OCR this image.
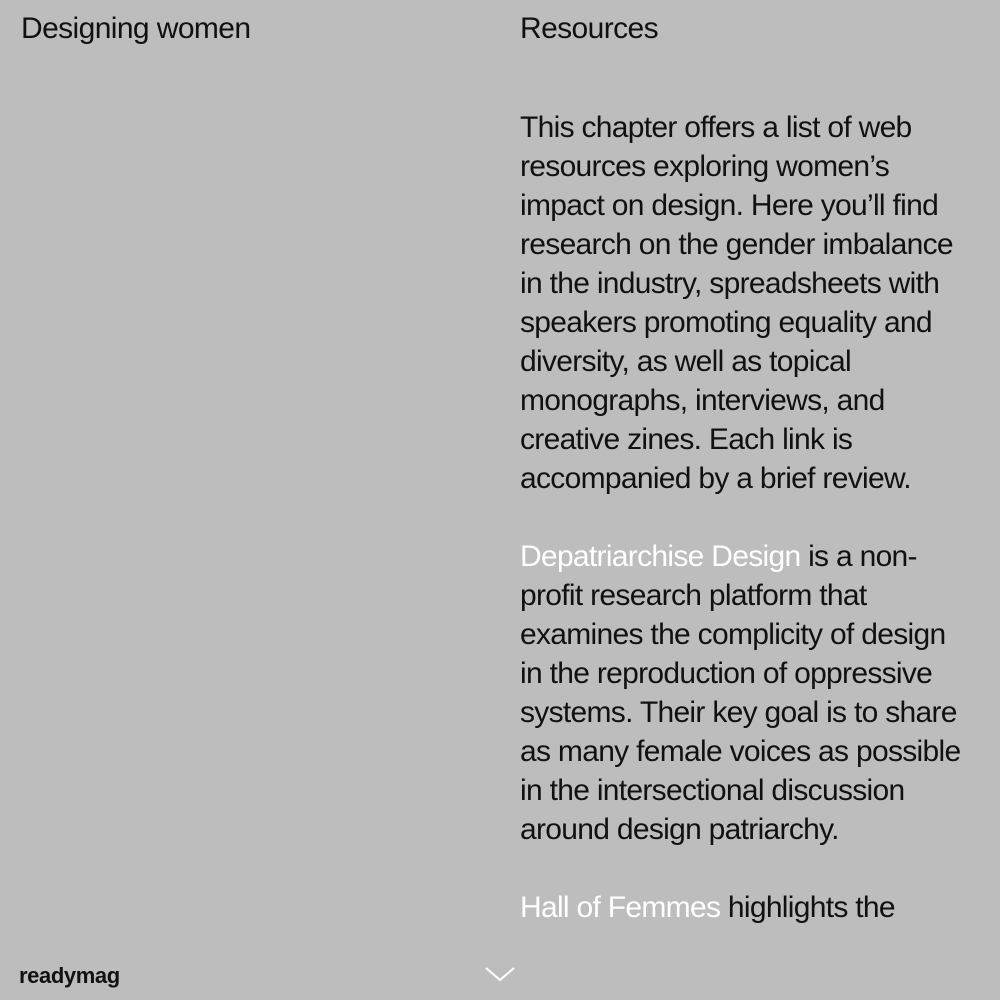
Designing women	Resources

This chapter offers a list of web resources exploring women’s impact on design. Here you’ll find research on the gender imbalance in the industry, spreadsheets with speakers promoting equality and diversity, as well as topical monographs, interviews, and creative zines. Each link is accompanied by a brief review.

Depatriarchise Design is a non-profit research platform that examines the complicity of design in the reproduction of oppressive systems. Their key goal is to share as many female voices as possible in the intersectional discussion around design patriarchy.

Hall of Femmes highlights the

readymag
